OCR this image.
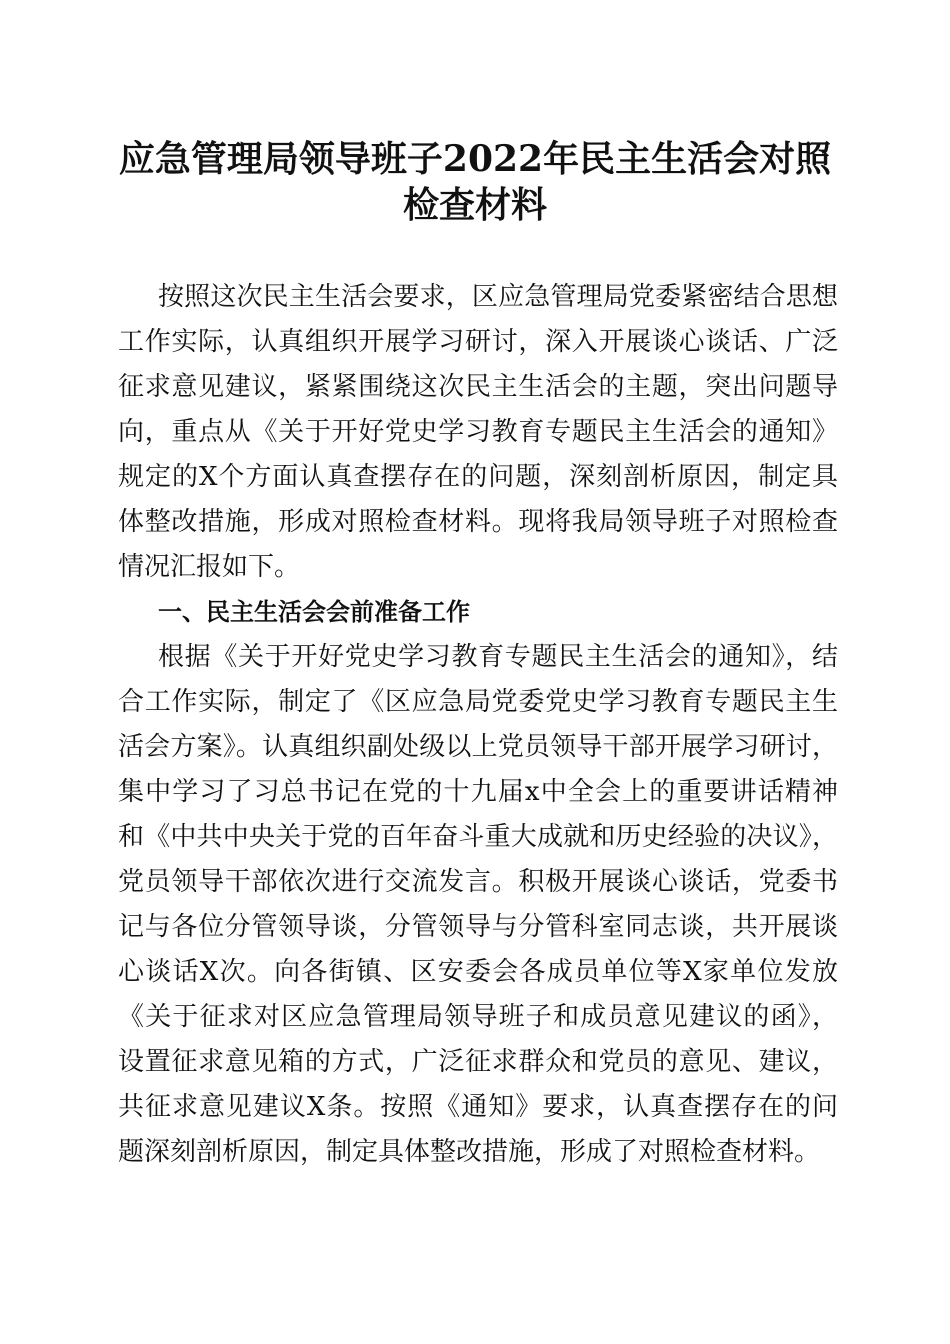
应急管理局领导班子2022年民主生活会对照
检查材料
按照这次民主生活会要求，区应急管理局党委紧密结合思想
工作实际，认真组织开展学习研讨，深入开展谈心谈话、广泛
征求意见建议，紧紧围绕这次民主生活会的主题，突出问题导
向，重点从《关于开好党史学习教育专题民主生活会的通知》
规定的X个方面认真查摆存在的问题，深刻剖析原因，制定具
体整改措施，形成对照检查材料。现将我局领导班子对照检查
情况汇报如下。
一、民主生活会会前准备工作
根据《关于开好党史学习教育专题民主生活会的通知》，结
合工作实际，制定了《区应急局党委党史学习教育专题民主生
活会方案》。认真组织副处级以上党员领导干部开展学习研讨，
集中学习了习总书记在党的十九届x中全会上的重要讲话精神
和《中共中央关于党的百年奋斗重大成就和历史经验的决议》，
党员领导干部依次进行交流发言。积极开展谈心谈话，党委书
记与各位分管领导谈，分管领导与分管科室同志谈，共开展谈
心谈话X次。向各街镇、区安委会各成员单位等X家单位发放
《关于征求对区应急管理局领导班子和成员意见建议的函》，
设置征求意见箱的方式，广泛征求群众和党员的意见、建议，
共征求意见建议X条。按照《通知》要求，认真查摆存在的问
题深刻剖析原因，制定具体整改措施，形成了对照检查材料。
